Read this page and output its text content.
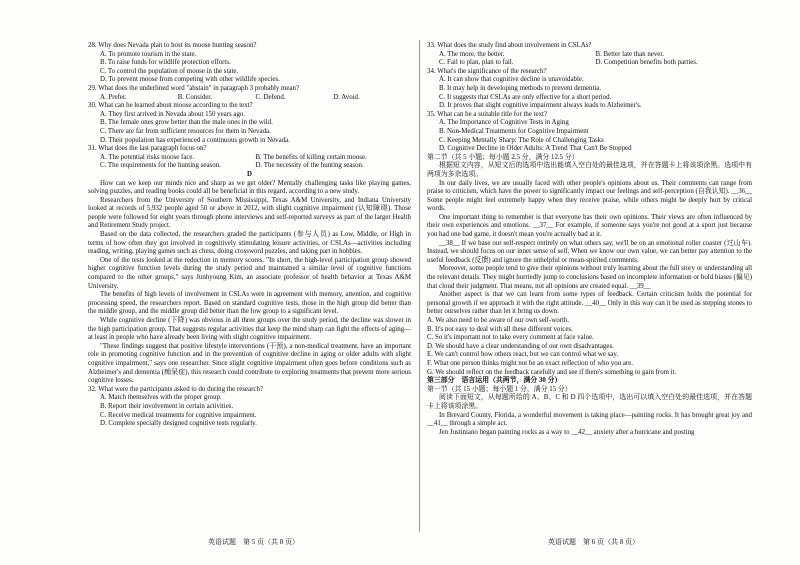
28. Why does Nevada plan to host its moose hunting season?

A. To promote tourism in the state.

B. To raise funds for wildlife protection efforts.

C. To control the population of moose in the state.

D. To prevent moose from competing with other wildlife species.

29. What does the underlined word "abstain" in paragraph 3 probably mean?

A. Prefer.	B. Consider.	C. Defend.	D. Avoid.

30. What can be learned about moose according to the text?

A. They first arrived in Nevada about 150 years ago.

B. The female ones grow better than the male ones in the wild.

C. There are far from sufficient resources for them in Nevada.

D. Their population has experienced a continuous growth in Nevada.

31. What does the last paragraph focus on?

A. The potential risks moose face.	B. The benefits of killing certain moose.

C. The requirements for the hunting season.	D. The necessity of the hunting season.

D

How can we keep our minds nice and sharp as we get older? Mentally challenging tasks like playing games, solving puzzles, and reading books could all be beneficial in this regard, according to a new study.

Researchers from the University of Southern Mississippi, Texas A&M University, and Indiana University looked at records of 5,932 people aged 50 or above in 2012, with slight cognitive impairment (认知障碍). Those people were followed for eight years through phone interviews and self-reported surveys as part of the larger Health and Retirement Study project.

Based on the data collected, the researchers graded the participants (参与人员) as Low, Middle, or High in terms of how often they got involved in cognitively stimulating leisure activities, or CSLAs—activities including reading, writing, playing games such as chess, doing crossword puzzles, and taking part in hobbies.

One of the tests looked at the reduction in memory scores. "In short, the high-level participation group showed higher cognitive function levels during the study period and maintained a similar level of cognitive functions compared to the other groups," says Junhyoung Kim, an associate professor of health behavior at Texas A&M University.

The benefits of high levels of involvement in CSLAs were in agreement with memory, attention, and cognitive processing speed, the researchers report. Based on standard cognitive tests, those in the high group did better than the middle group, and the middle group did better than the low group to a significant level.

While cognitive decline (下降) was obvious in all three groups over the study period, the decline was slower in the high participation group. That suggests regular activities that keep the mind sharp can fight the effects of aging—at least in people who have already been living with slight cognitive impairment.

"These findings suggest that positive lifestyle interventions (干预), a non-medical treatment, have an important role in promoting cognitive function and in the prevention of cognitive decline in aging or older adults with slight cognitive impairment," says one researcher. Since slight cognitive impairment often goes before conditions such as Alzheimer's and dementia (痴呆症), this research could contribute to exploring treatments that prevent more serious cognitive losses.

32. What were the participants asked to do during the research?

A. Match themselves with the proper group.

B. Report their involvement in certain activities.

C. Receive medical treatments for cognitive impairment.

D. Complete specially designed cognitive tests regularly.

33. What does the study find about involvement in CSLAs?

A. The more, the better.	B. Better late than never.

C. Fail to plan, plan to fail.	D. Competition benefits both parties.

34. What's the significance of the research?

A. It can show that cognitive decline is unavoidable.

B. It may help in developing methods to prevent dementia.

C. It suggests that CSLAs are only effective for a short period.

D. It proves that slight cognitive impairment always leads to Alzheimer's.

35. What can be a suitable title for the text?

A. The Importance of Cognitive Tests in Aging

B. Non-Medical Treatments for Cognitive Impairment

C. Keeping Mentally Sharp: The Role of Challenging Tasks

D. Cognitive Decline in Older Adults: A Trend That Can't Be Stopped

第二节（共 5 小题；每小题 2.5 分，满分 12.5 分）

根据短文内容，从短文后的选项中选出能填入空白处的最佳选项，并在答题卡上将该项涂黑。选项中有两项为多余选项。

In our daily lives, we are usually faced with other people's opinions about us. Their comments can range from praise to criticism, which have the power to significantly impact our feelings and self-perception (自我认知). __36__ Some people might feel extremely happy when they receive praise, while others might be deeply hurt by critical words.

One important thing to remember is that everyone has their own opinions. Their views are often influenced by their own experiences and emotions. __37__ For example, if someone says you're not good at a sport just because you had one bad game, it doesn't mean you're actually bad at it.

__38__ If we base our self-respect entirely on what others say, we'll be on an emotional roller coaster (过山车). Instead, we should focus on our inner sense of self. When we know our own value, we can better pay attention to the useful feedback (反馈) and ignore the unhelpful or mean-spirited comments.

Moreover, some people tend to give their opinions without truly learning about the full story or understanding all the relevant details. They might hurriedly jump to conclusions based on incomplete information or hold biases (偏见) that cloud their judgment. That means, not all opinions are created equal. __39__

Another aspect is that we can learn from some types of feedback. Certain criticism holds the potential for personal growth if we approach it with the right attitude. __40__ Only in this way can it be used as stepping stones to better ourselves rather than let it bring us down.

A. We also need to be aware of our own self-worth.

B. It's not easy to deal with all these different voices.

C. So it's important not to take every comment at face value.

D. We should have a clear understanding of our own disadvantages.

E. We can't control how others react, but we can control what we say.

F. What one person thinks might not be an exact reflection of who you are.

G. We should reflect on the feedback carefully and see if there's something to gain from it.

第三部分　语言运用（共两节，满分 30 分）

第一节（共 15 小题；每小题 1 分，满分 15 分）

阅读下面短文，从每题所给的 A、B、C 和 D 四个选项中，选出可以填入空白处的最佳选项，并在答题卡上将该项涂黑。

In Brevard County, Florida, a wonderful movement is taking place—painting rocks. It has brought great joy and __41__ through a simple act.

Jen Justiniano began painting rocks as a way to __42__ anxiety after a hurricane and posting

英语试题　第 5 页（共 8 页）	英语试题　第 6 页（共 8 页）
